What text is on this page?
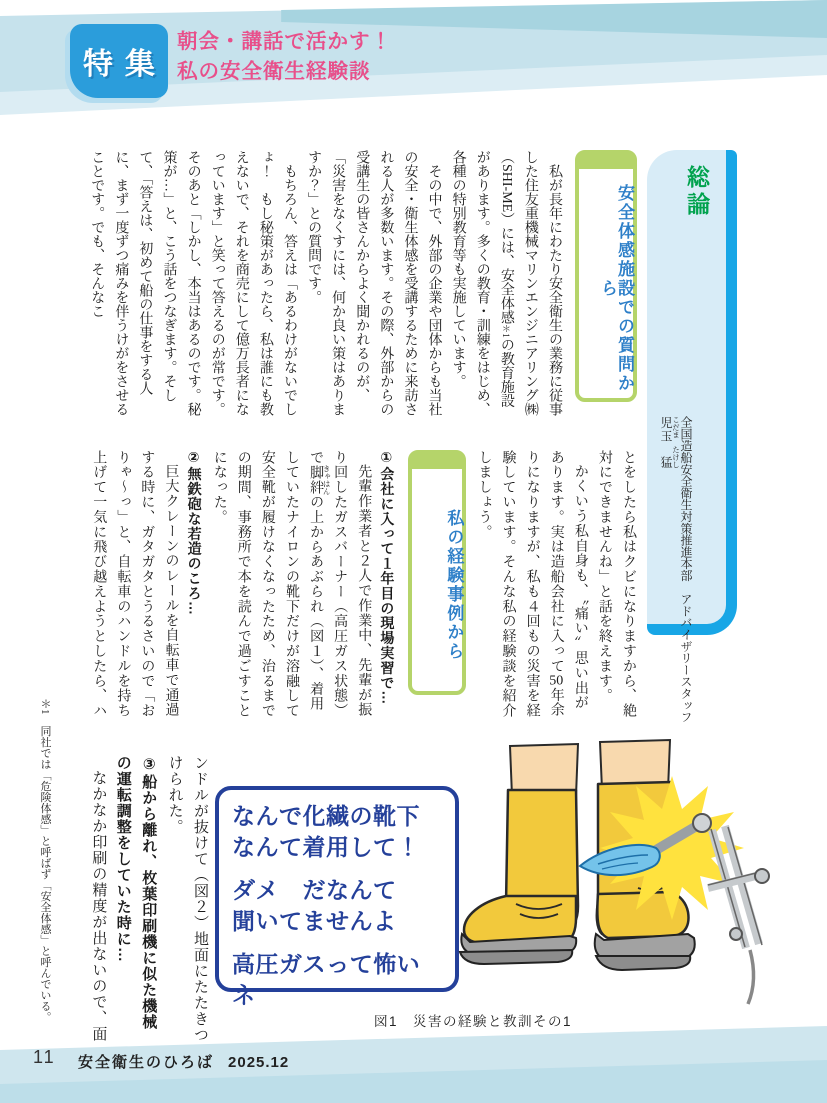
特集
朝会・講話で活かす！
私の安全衛生経験談
総論
全国造船安全衛生対策推進本部　アドバイザリースタッフ　児玉　猛こだま　たけし
安全体感施設での質問から

私が長年にわたり安全衛生の業務に従事した住友重機械マリンエンジニアリング㈱（SHI-ME）には、安全体感＊1の教育施設があります。多くの教育・訓練をはじめ、各種の特別教育等も実施しています。

その中で、外部の企業や団体からも当社の安全・衛生体感を受講するために来訪される人が多数います。その際、外部からの受講生の皆さんからよく聞かれるのが、「災害をなくすには、何か良い策はありますか？」との質問です。

もちろん、答えは「あるわけがないでしょ！　もし秘策があったら、私は誰にも教えないで、それを商売にして億万長者になっています」と笑って答えるのが常です。そのあと「しかし、本当はあるのです。秘策が…」と、こう話をつなぎます。そして、「答えは、初めて船の仕事をする人に、まず一度ずつ痛みを伴うけがをさせることです。でも、そんなこ

とをしたら私はクビになりますから、絶対にできませんね」と話を終えます。

かくいう私自身も、〝痛い〟思い出があります。実は造船会社に入って50年余りになりますが、私も４回もの災害を経験しています。そんな私の経験談を紹介しましょう。

私の経験事例から

①会社に入って１年目の現場実習で…

先輩作業者と２人で作業中、先輩が振り回したガスバーナー（高圧ガス状態）で脚絆 きゃはんの上からあぶられ（図１）、着用していたナイロンの靴下だけが溶融して安全靴が履けなくなったため、治るまでの期間、事務所で本を読んで過ごすことになった。

②無鉄砲な若造のころ…

巨大クレーンのレールを自転車で通過する時に、ガタガタとうるさいので「おりゃ〜っ」と、自転車のハンドルを持ち上げて一気に飛び越えようとしたら、ハ

ンドルが抜けて（図２）地面にたたきつけられた。

③船から離れ、枚葉印刷機に似た機械の運転調整をしていた時に…

なかなか印刷の精度が出ないので、面

＊1　同社では「危険体感」と呼ばず「安全体感」と呼んでいる。	なんで化繊の靴下
なんて着用して！
ダメ　だなんて
聞いてませんよ
高圧ガスって怖いネ
図1　災害の経験と教訓その1
11 安全衛生のひろば 2025.12
